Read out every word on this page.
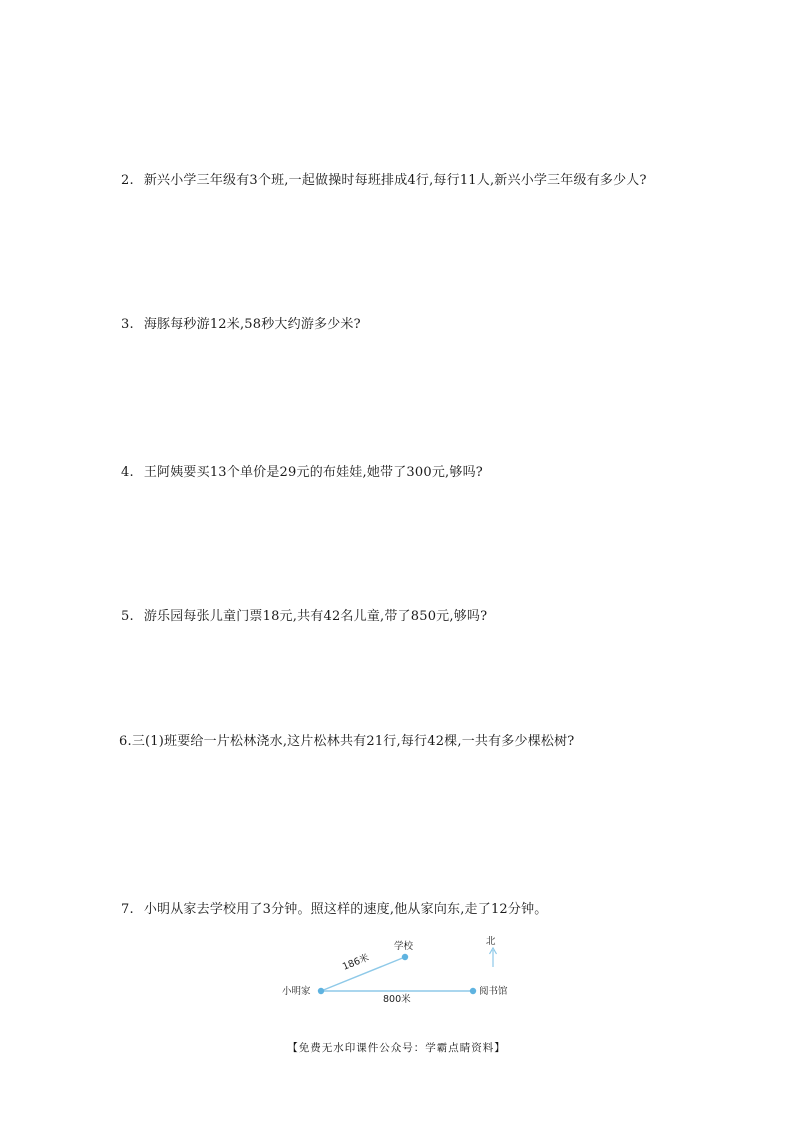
2. 新兴小学三年级有3个班,一起做操时每班排成4行,每行11人,新兴小学三年级有多少人?
3. 海豚每秒游12米,58秒大约游多少米?
4. 王阿姨要买13个单价是29元的布娃娃,她带了300元,够吗?
5. 游乐园每张儿童门票18元,共有42名儿童,带了850元,够吗?
6.三(1)班要给一片松林浇水,这片松林共有21行,每行42棵,一共有多少棵松树?
7. 小明从家去学校用了3分钟。照这样的速度,他从家向东,走了12分钟。
小明家
学校
阅书馆
北
186米
800米
【免费无水印课件公众号：学霸点睛资料】
